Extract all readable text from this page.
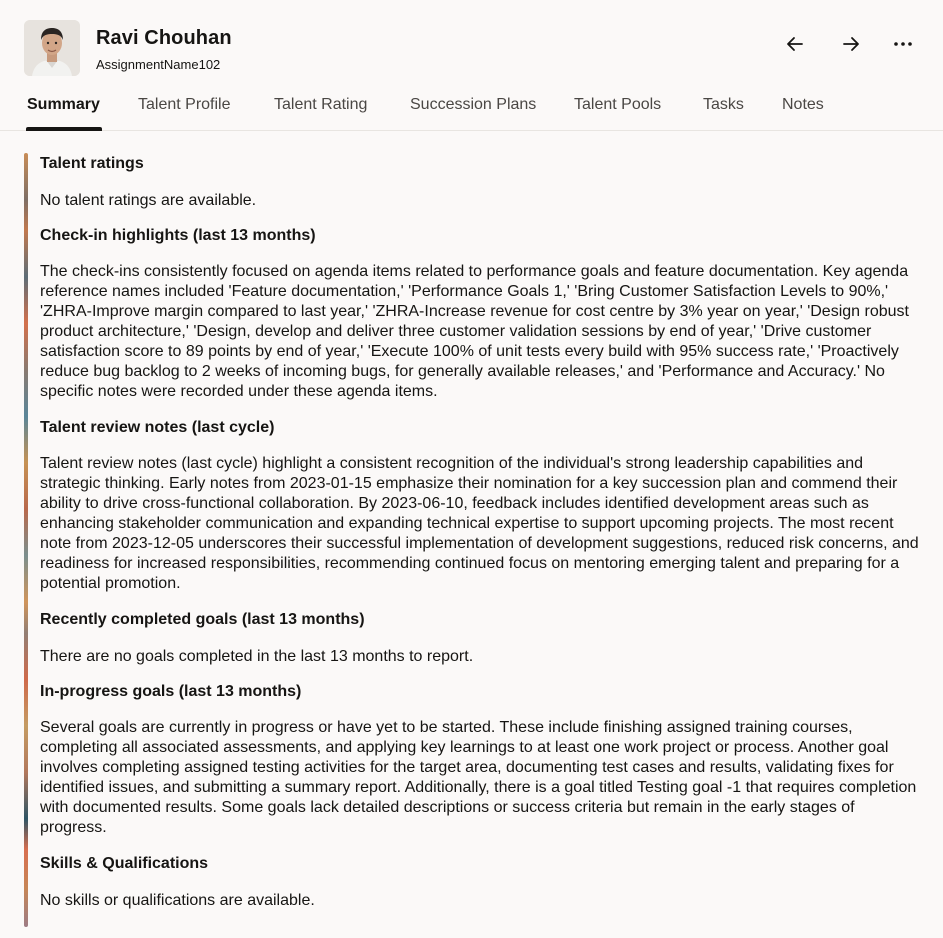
Ravi Chouhan
AssignmentName102
Summary Talent Profile	Talent Rating	Succession Plans Talent Pools	Tasks Notes
Talent ratings
No talent ratings are available.
Check-in highlights (last 13 months)
The check-ins consistently focused on agenda items related to performance goals and feature documentation. Key agenda reference names included 'Feature documentation,' 'Performance Goals 1,' 'Bring Customer Satisfaction Levels to 90%,' 'ZHRA-Improve margin compared to last year,' 'ZHRA-Increase revenue for cost centre by 3% year on year,' 'Design robust product architecture,' 'Design, develop and deliver three customer validation sessions by end of year,' 'Drive customer satisfaction score to 89 points by end of year,' 'Execute 100% of unit tests every build with 95% success rate,' 'Proactively reduce bug backlog to 2 weeks of incoming bugs, for generally available releases,' and 'Performance and Accuracy.' No specific notes were recorded under these agenda items.
Talent review notes (last cycle)
Talent review notes (last cycle) highlight a consistent recognition of the individual's strong leadership capabilities and strategic thinking. Early notes from 2023-01-15 emphasize their nomination for a key succession plan and commend their ability to drive cross-functional collaboration. By 2023-06-10, feedback includes identified development areas such as enhancing stakeholder communication and expanding technical expertise to support upcoming projects. The most recent note from 2023-12-05 underscores their successful implementation of development suggestions, reduced risk concerns, and readiness for increased responsibilities, recommending continued focus on mentoring emerging talent and preparing for a potential promotion.
Recently completed goals (last 13 months)
There are no goals completed in the last 13 months to report.
In-progress goals (last 13 months)
Several goals are currently in progress or have yet to be started. These include finishing assigned training courses, completing all associated assessments, and applying key learnings to at least one work project or process. Another goal involves completing assigned testing activities for the target area, documenting test cases and results, validating fixes for identified issues, and submitting a summary report. Additionally, there is a goal titled Testing goal -1 that requires completion with documented results. Some goals lack detailed descriptions or success criteria but remain in the early stages of progress.
Skills & Qualifications
No skills or qualifications are available.
